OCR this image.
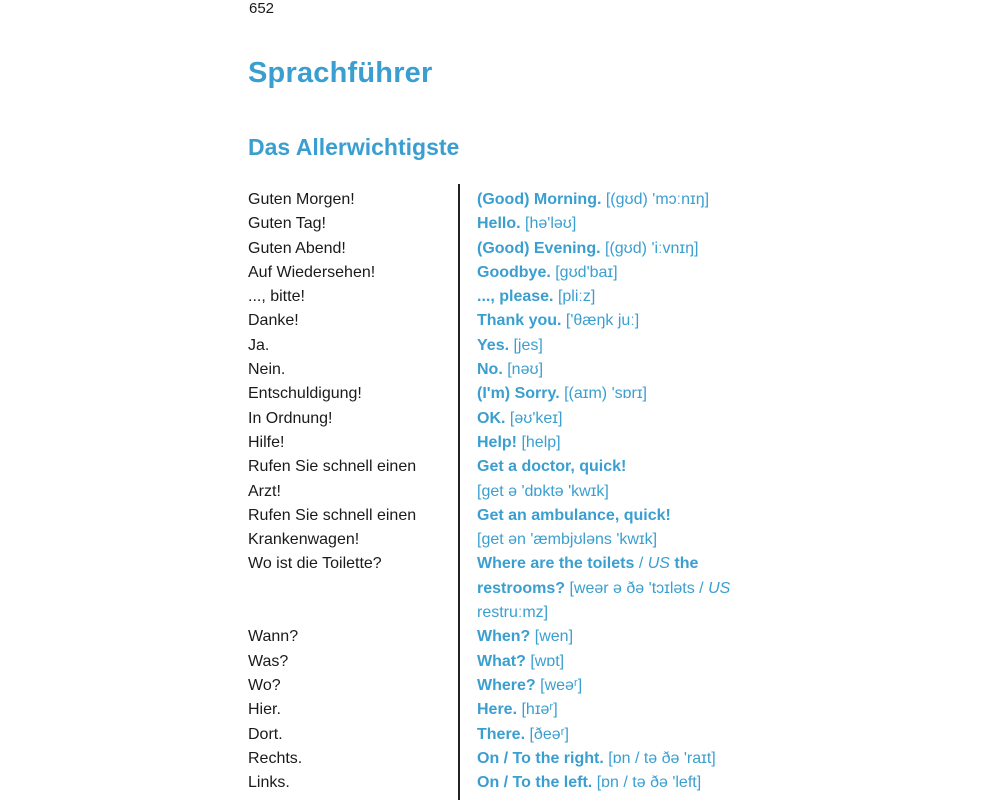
652
Sprachführer
Das Allerwichtigste
Guten Morgen!	(Good) Morning. [(gʊd) 'mɔːnɪŋ]
Guten Tag!	Hello. [hə'ləʊ]
Guten Abend!	(Good) Evening. [(gʊd) 'iːvnɪŋ]
Auf Wiedersehen!	Goodbye. [gʊd'baɪ]
..., bitte!	..., please. [pliːz]
Danke!	Thank you. ['θæŋk juː]
Ja.	Yes. [jes]
Nein.	No. [nəʊ]
Entschuldigung!	(I'm) Sorry. [(aɪm) 'sɒrɪ]
In Ordnung!	OK. [əʊ'keɪ]
Hilfe!	Help! [help]
Rufen Sie schnell einen	Get a doctor, quick!
Arzt!	[get ə 'dɒktə 'kwɪk]
Rufen Sie schnell einen	Get an ambulance, quick!
Krankenwagen!	[get ən 'æmbjʊləns 'kwɪk]
Wo ist die Toilette?	Where are the toilets / US the
restrooms? [weər ə ðə 'tɔɪləts / US
restruːmz]
Wann?	When? [wen]
Was?	What? [wɒt]
Wo?	Where? [weəʳ]
Hier.	Here. [hɪəʳ]
Dort.	There. [ðeəʳ]
Rechts.	On / To the right. [ɒn / tə ðə 'raɪt]
Links.	On / To the left. [ɒn / tə ðə 'left]
